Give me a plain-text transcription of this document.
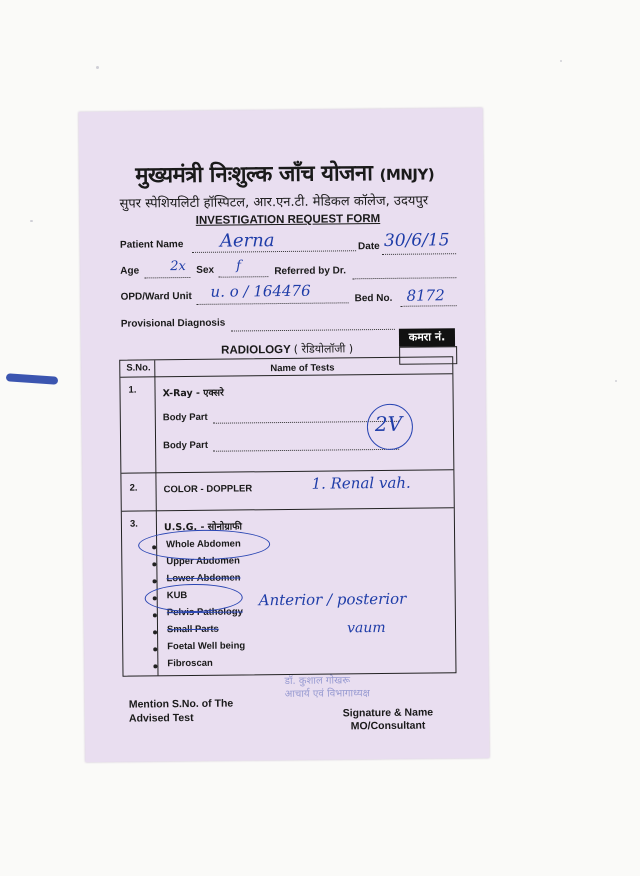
मुख्यमंत्री निःशुल्क जाँच योजना (MNJY)
सुपर स्पेशियलिटी हॉस्पिटल, आर.एन.टी. मेडिकल कॉलेज, उदयपुर
INVESTIGATION REQUEST FORM
Patient Name Aerna	Date 30/6/15
Age 2x Sex f	Referred by Dr.
OPD/Ward Unit u. o / 164476	Bed No. 8172
Provisional Diagnosis
कमरा नं.
RADIOLOGY ( रेडियोलॉजी )
S.No.	Name of Tests
1.	X-Ray - एक्सरे
Body Part
Body Part
2V
2.	COLOR - DOPPLER	1. Renal vah.
3.	U.S.G. - सोनोग्राफी
Whole Abdomen
Upper Abdomen
Lower Abdomen
KUB
Pelvis Pathology
Small Parts
Foetal Well being
Fibroscan
Anterior / posterior
vaum
Mention S.No. of The Advised Test
डॉ. कुशाल गोखरू
आचार्य एवं विभागाध्यक्ष
Signature & Name MO/Consultant
